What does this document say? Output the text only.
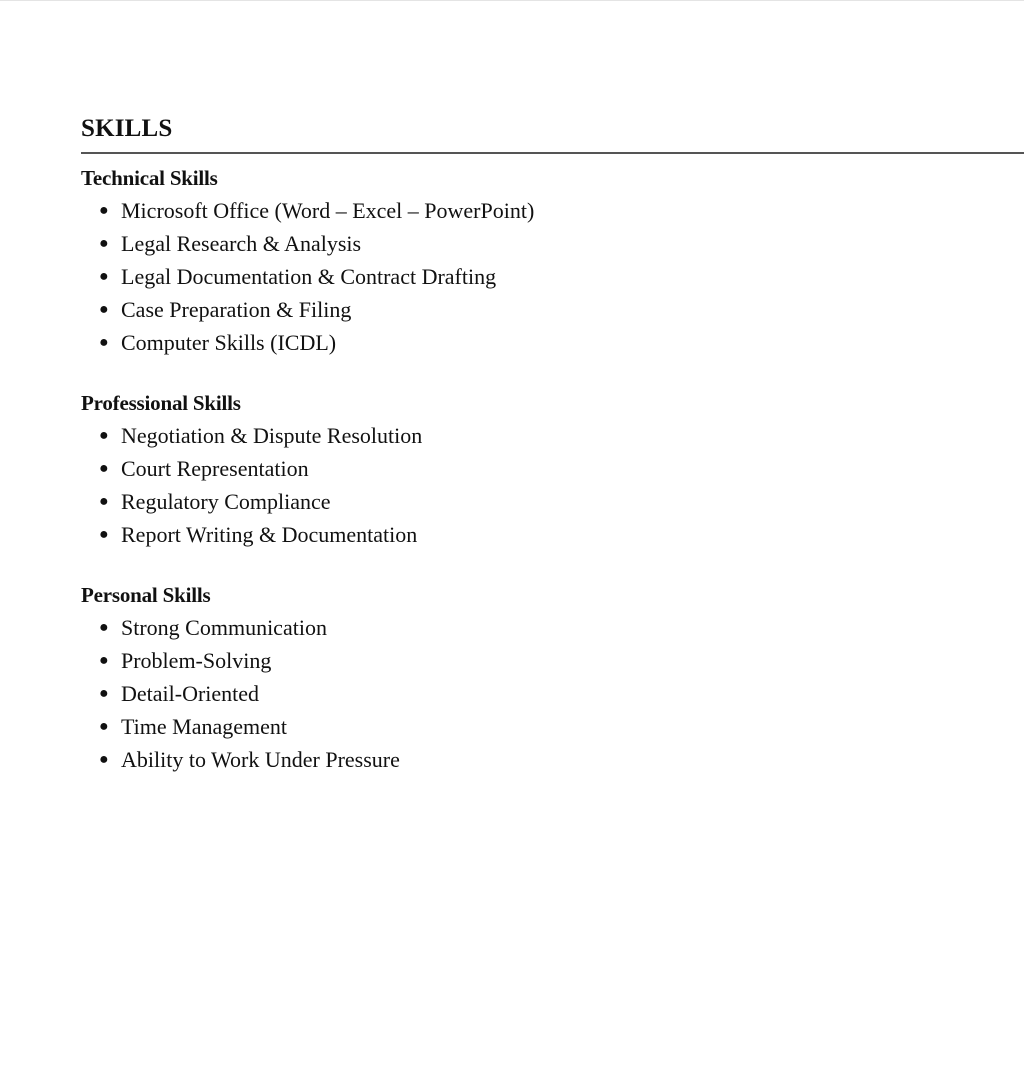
SKILLS
Technical Skills
● Microsoft Office (Word – Excel – PowerPoint)
● Legal Research & Analysis
● Legal Documentation & Contract Drafting
● Case Preparation & Filing
● Computer Skills (ICDL)
Professional Skills
● Negotiation & Dispute Resolution
● Court Representation
● Regulatory Compliance
● Report Writing & Documentation
Personal Skills
● Strong Communication
● Problem-Solving
● Detail-Oriented
● Time Management
● Ability to Work Under Pressure
